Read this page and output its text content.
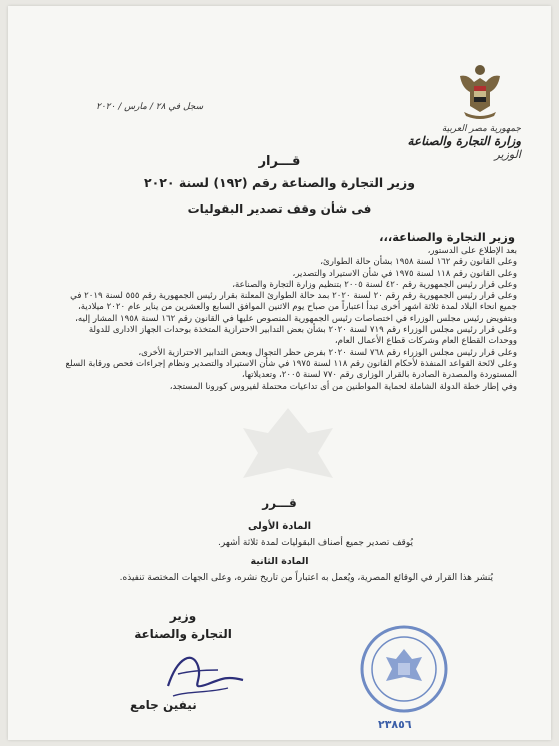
جمهورية مصر العربية
وزارة التجارة والصناعة
الوزير
سجل في ٢٨ / مارس / ٢٠٢٠
قـــرار
وزير التجارة والصناعة رقم (١٩٢) لسنة ٢٠٢٠
فى شأن وقف تصدير البقوليات
وزير التجارة والصناعة،،،

بعد الإطلاع على الدستور،

وعلى القانون رقم ١٦٢ لسنة ١٩٥٨ بشأن حالة الطوارئ،

وعلى القانون رقم ١١٨ لسنة ١٩٧٥ في شأن الاستيراد والتصدير،

وعلى قرار رئيس الجمهورية رقم ٤٢٠ لسنة ٢٠٠٥ بتنظيم وزارة التجارة والصناعة،

وعلى قرار رئيس الجمهورية رقم رقم ٢٠ لسنة ٢٠٢٠ بمد حالة الطوارئ المعلنة بقرار رئيس الجمهورية رقم ٥٥٥ لسنة ٢٠١٩ في جميع انحاء البلاد لمدة ثلاثة اشهر أخرى تبدأ اعتباراً من صباح يوم الاثنين الموافق السابع والعشرين من يناير عام ٢٠٢٠ ميلادية، وبتفويض رئيس مجلس الوزراء في اختصاصات رئيس الجمهورية المنصوص عليها في القانون رقم ١٦٢ لسنة ١٩٥٨ المشار إليه،

وعلى قرار رئيس مجلس الوزراء رقم ٧١٩ لسنة ٢٠٢٠ بشأن بعض التدابير الاحترازية المتخذة بوحدات الجهاز الادارى للدولة ووحدات القطاع العام وشركات قطاع الأعمال العام،

وعلى قرار رئيس مجلس الوزراء رقم ٧٦٨ لسنة ٢٠٢٠ بفرض حظر التجوال وبعض التدابير الاحترازية الأخرى،

وعلى لائحة القواعد المنفذة لأحكام القانون رقم ١١٨ لسنة ١٩٧٥ في شأن الاستيراد والتصدير ونظام إجراءات فحص ورقابة السلع المستوردة والمصدرة الصادرة بالقرار الوزارى رقم ٧٧٠ لسنة ٢٠٠٥، وتعديلاتها،

وفي إطار خطة الدولة الشاملة لحماية المواطنين من أى تداعيات محتملة لفيروس كورونا المستجد،

قـــرر
المادة الأولى
يُوقف تصدير جميع أصناف البقوليات لمدة ثلاثة أشهر.
المادة الثانية
يُنشر هذا القرار في الوقائع المصرية، ويُعمل به اعتباراً من تاريخ نشره، وعلى الجهات المختصة تنفيذه.
وزير
التجارة والصناعة
نيفين جامع
٢٣٨٥٦
